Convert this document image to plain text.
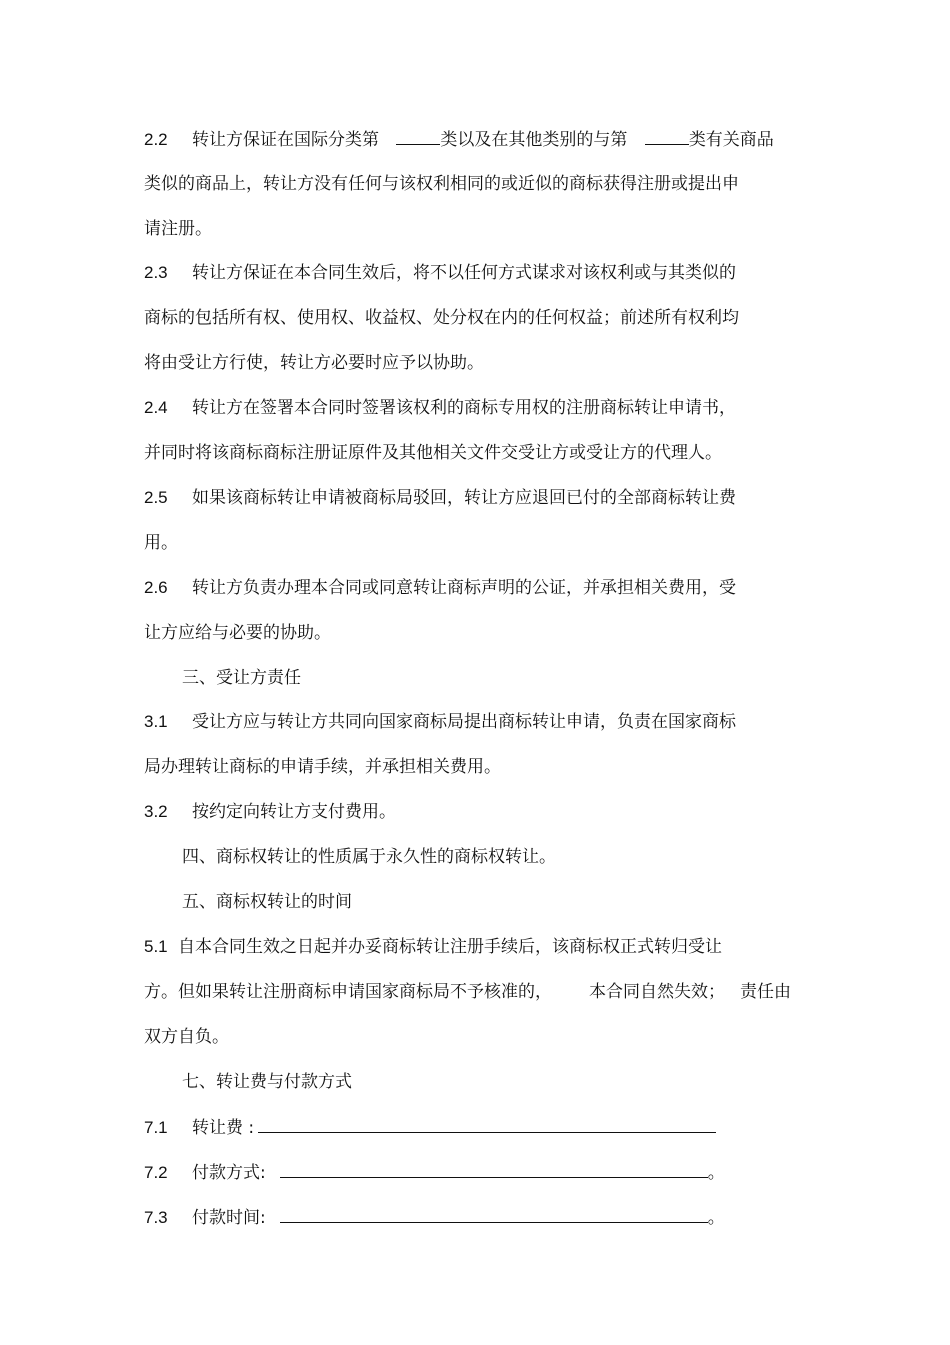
2.2 转让方保证在国际分类第	类以及在其他类别的与第	类有关商品
类似的商品上，转让方没有任何与该权利相同的或近似的商标获得注册或提出申
请注册。
2.3 转让方保证在本合同生效后，将不以任何方式谋求对该权利或与其类似的
商标的包括所有权、使用权、收益权、处分权在内的任何权益；前述所有权利均
将由受让方行使，转让方必要时应予以协助。
2.4 转让方在签署本合同时签署该权利的商标专用权的注册商标转让申请书，
并同时将该商标商标注册证原件及其他相关文件交受让方或受让方的代理人。
2.5 如果该商标转让申请被商标局驳回，转让方应退回已付的全部商标转让费
用。
2.6 转让方负责办理本合同或同意转让商标声明的公证，并承担相关费用，受
让方应给与必要的协助。
三、受让方责任
3.1 受让方应与转让方共同向国家商标局提出商标转让申请，负责在国家商标
局办理转让商标的申请手续，并承担相关费用。
3.2 按约定向转让方支付费用。
四、商标权转让的性质属于永久性的商标权转让。
五、商标权转让的时间
5.1 自本合同生效之日起并办妥商标转让注册手续后，该商标权正式转归受让
方。但如果转让注册商标申请国家商标局不予核准的， 本合同自然失效； 责任由
双方自负。
七、转让费与付款方式
7.1 转让费 :
7.2 付款方式:	。
7.3 付款时间:	。
